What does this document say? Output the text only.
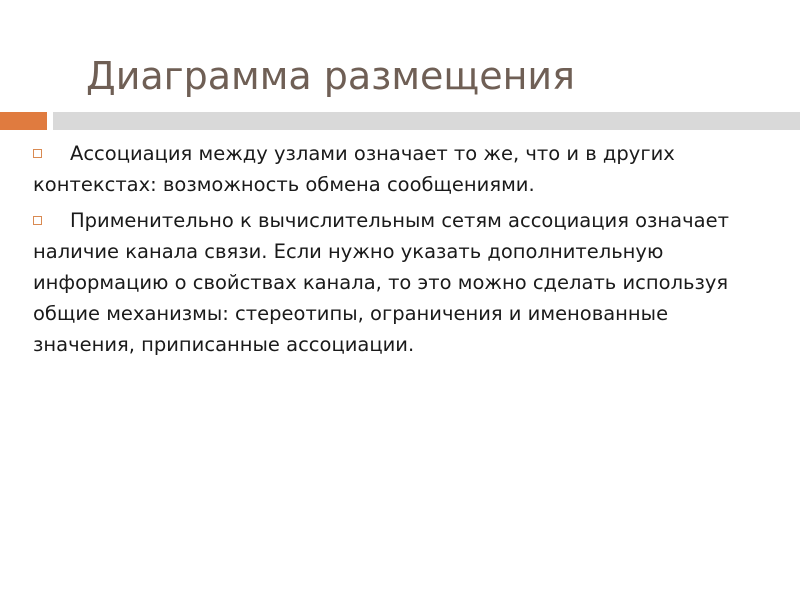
Диаграмма размещения

Ассоциация между узлами означает то же, что и в других контекстах: возможность обмена сообщениями.

Применительно к вычислительным сетям ассоциация означает наличие канала связи. Если нужно указать дополнительную информацию о свойствах канала, то это можно сделать используя общие механизмы: стереотипы, ограничения и именованные значения, приписанные ассоциации.
